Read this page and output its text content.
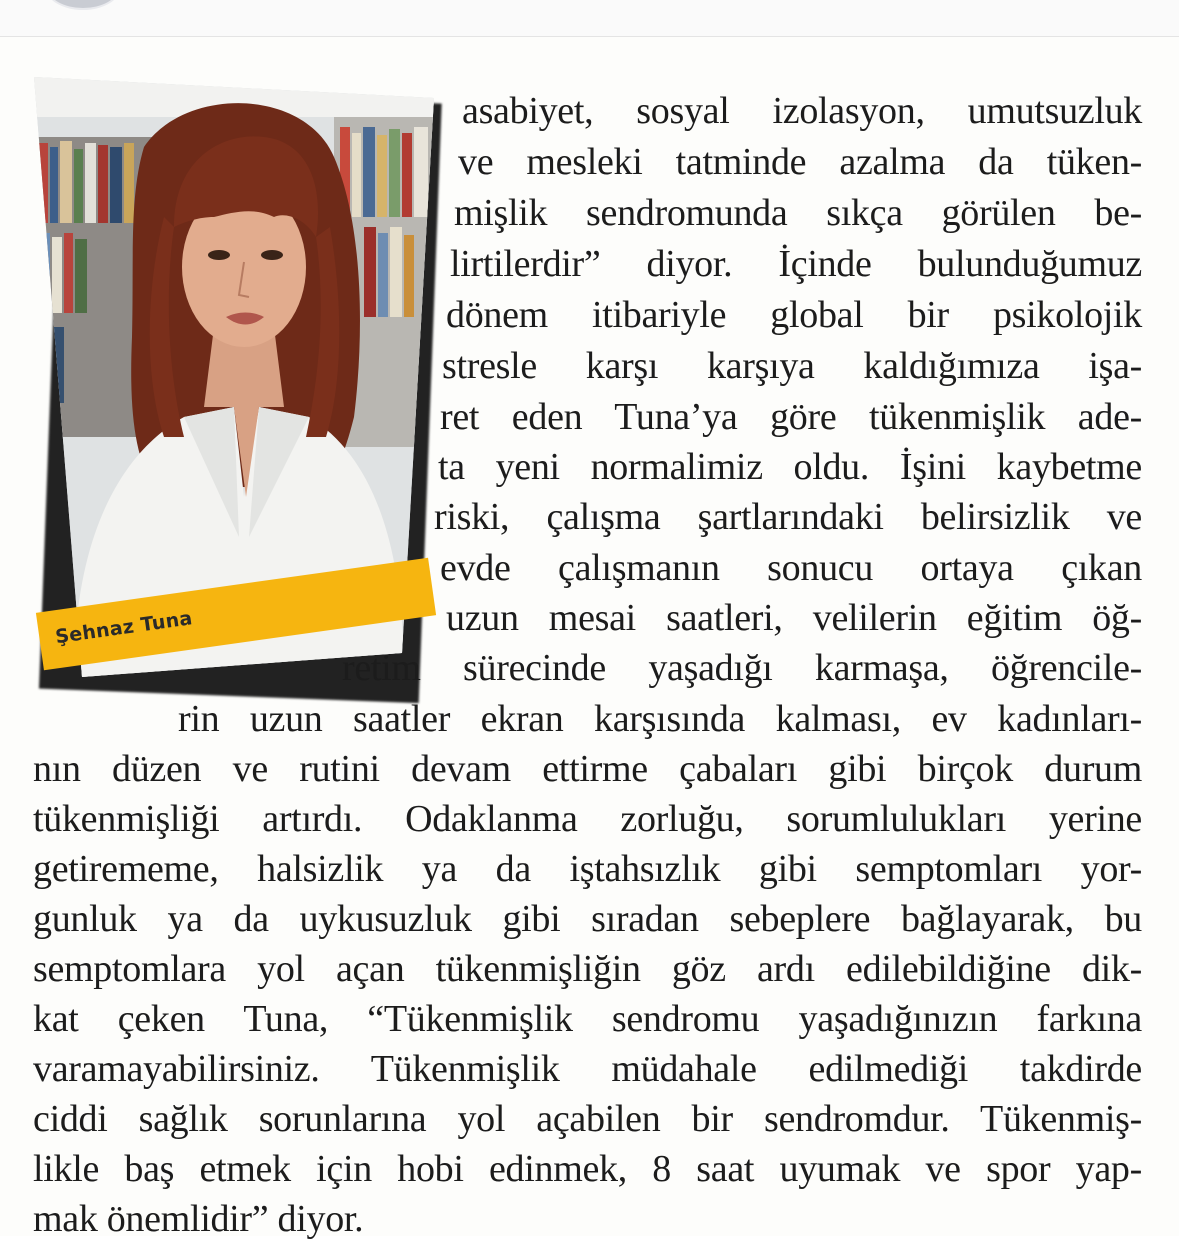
Şehnaz Tuna
asabiyet, sosyal izolasyon, umutsuzluk
ve mesleki tatminde azalma da tüken-
mişlik sendromunda sıkça görülen be-
lirtilerdir” diyor. İçinde bulunduğumuz
dönem itibariyle global bir psikolojik
stresle karşı karşıya kaldığımıza işa-
ret eden Tuna’ya göre tükenmişlik ade-
ta yeni normalimiz oldu. İşini kaybetme
riski, çalışma şartlarındaki belirsizlik ve
evde çalışmanın sonucu ortaya çıkan
uzun mesai saatleri, velilerin eğitim öğ-
retim sürecinde yaşadığı karmaşa, öğrencile-
rin uzun saatler ekran karşısında kalması, ev kadınları-
nın düzen ve rutini devam ettirme çabaları gibi birçok durum
tükenmişliği artırdı. Odaklanma zorluğu, sorumlulukları yerine
getirememe, halsizlik ya da iştahsızlık gibi semptomları yor-
gunluk ya da uykusuzluk gibi sıradan sebeplere bağlayarak, bu
semptomlara yol açan tükenmişliğin göz ardı edilebildiğine dik-
kat çeken Tuna, “Tükenmişlik sendromu yaşadığınızın farkına
varamayabilirsiniz. Tükenmişlik müdahale edilmediği takdirde
ciddi sağlık sorunlarına yol açabilen bir sendromdur. Tükenmiş-
likle baş etmek için hobi edinmek, 8 saat uyumak ve spor yap-
mak önemlidir” diyor.
